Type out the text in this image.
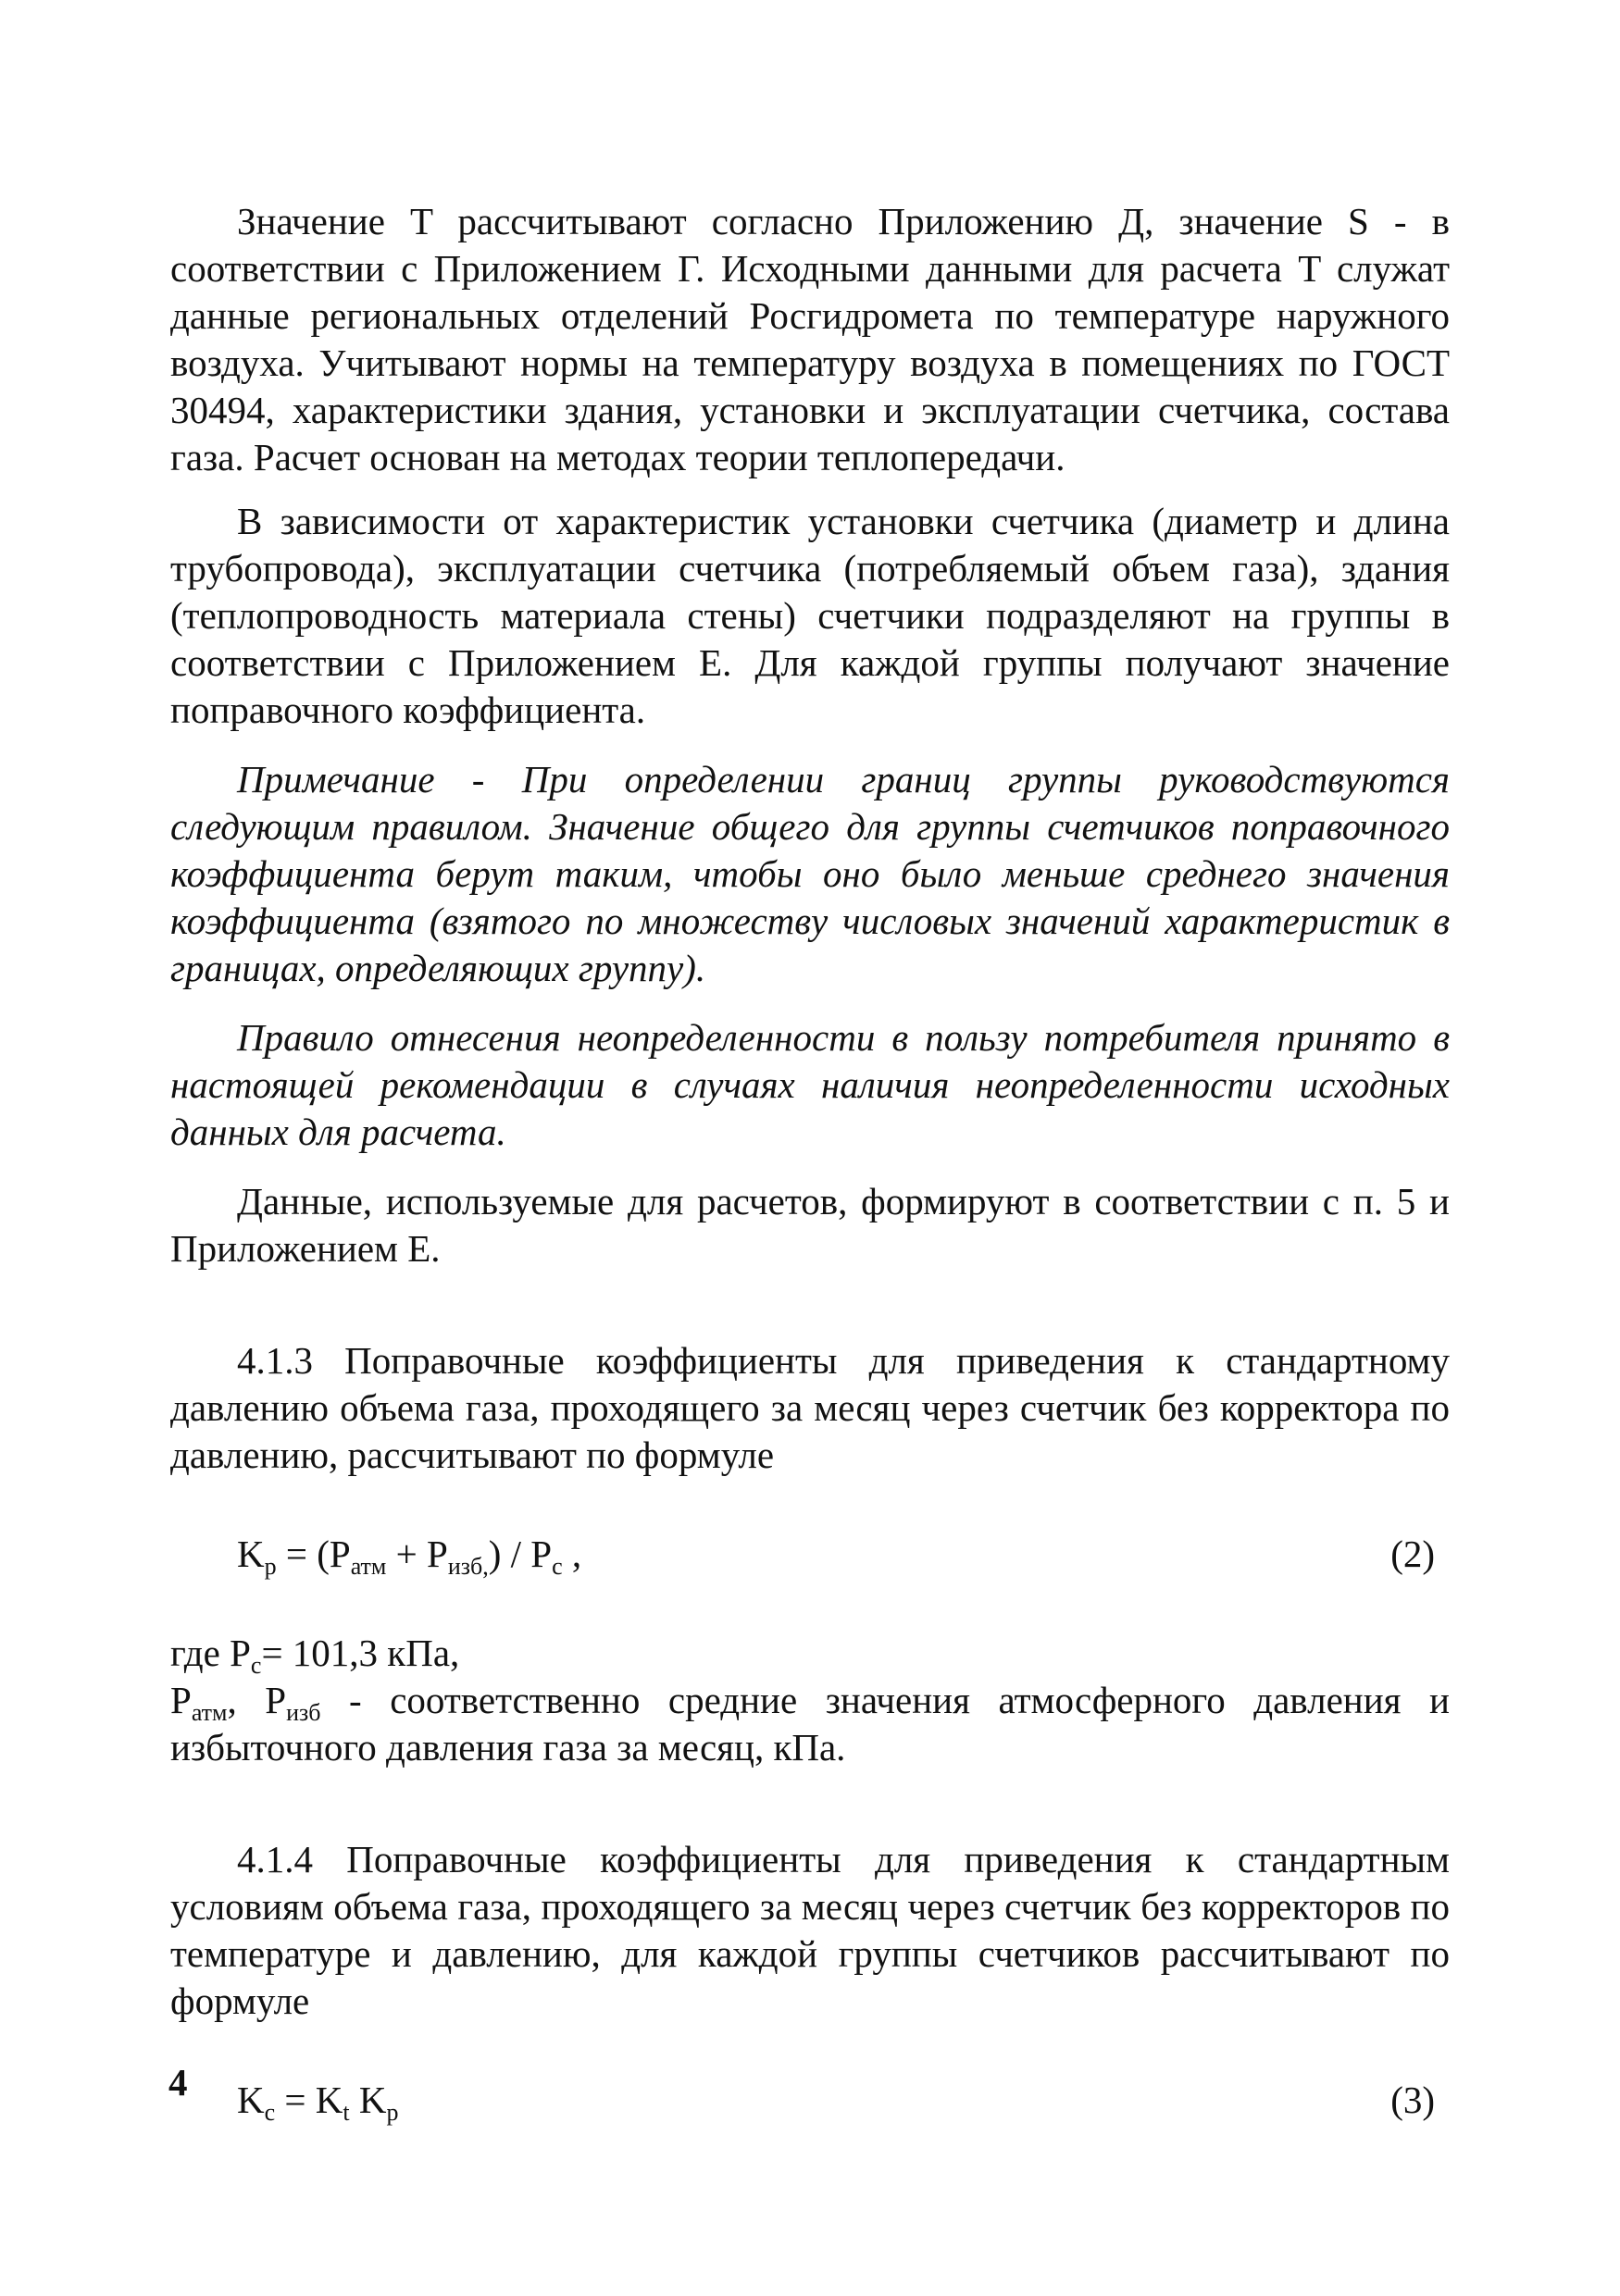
Значение T рассчитывают согласно Приложению Д, значение S - в соответствии с Приложением Г. Исходными данными для расчета T служат данные региональных отделений Росгидромета по температуре наружного воздуха. Учитывают нормы на температуру воздуха в помещениях по ГОСТ 30494, характеристики здания, установки и эксплуатации счетчика, состава газа. Расчет основан на методах теории теплопередачи.

В зависимости от характеристик установки счетчика (диаметр и длина трубопровода), эксплуатации счетчика (потребляемый объем газа), здания (теплопроводность материала стены) счетчики подразделяют на группы в соответствии с Приложением Е. Для каждой группы получают значение поправочного коэффициента.

Примечание - При определении границ группы руководствуются следующим правилом. Значение общего для группы счетчиков поправочного коэффициента берут таким, чтобы оно было меньше среднего значения коэффициента (взятого по множеству числовых значений характеристик в границах, определяющих группу).

Правило отнесения неопределенности в пользу потребителя принято в настоящей рекомендации в случаях наличия неопределенности исходных данных для расчета.

Данные, используемые для расчетов, формируют в соответствии с п. 5 и Приложением Е.

4.1.3 Поправочные коэффициенты для приведения к стандартному давлению объема газа, проходящего за месяц через счетчик без корректора по давлению, рассчитывают по формуле

$K_p = (P_{атм} + P_{изб,}) / P_c$ ,	(2)

где $P_c= 101,3$ кПа,

$P_{атм}$, $P_{изб}$ - соответственно средние значения атмосферного давления и избыточного давления газа за месяц, кПа.

4.1.4 Поправочные коэффициенты для приведения к стандартным условиям объема газа, проходящего за месяц через счетчик без корректоров по температуре и давлению, для каждой группы счетчиков рассчитывают по формуле

$K_c = K_t$ $K_p$	(3)
4
